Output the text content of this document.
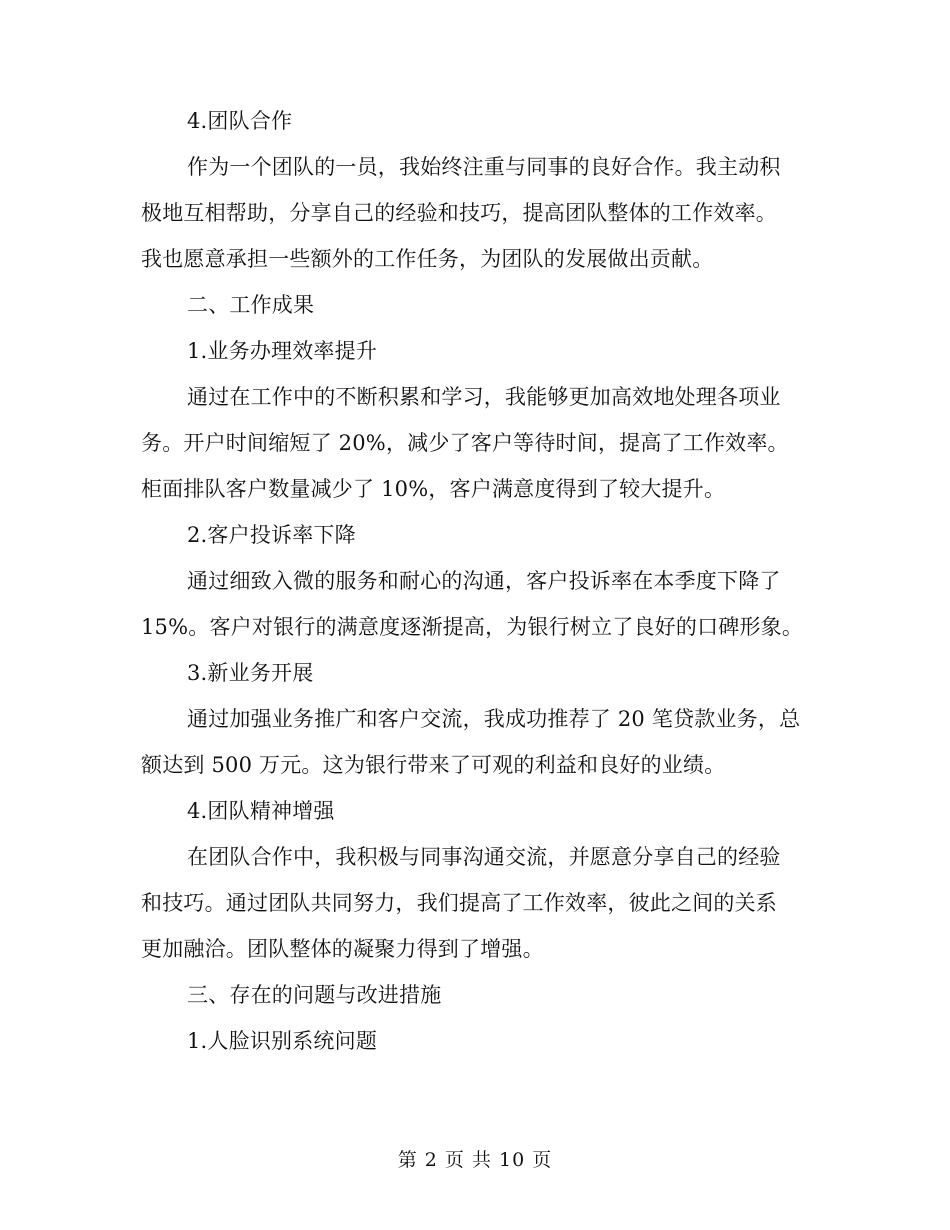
4.团队合作

作为一个团队的一员，我始终注重与同事的良好合作。我主动积

极地互相帮助，分享自己的经验和技巧，提高团队整体的工作效率。

我也愿意承担一些额外的工作任务，为团队的发展做出贡献。

二、工作成果

1.业务办理效率提升

通过在工作中的不断积累和学习，我能够更加高效地处理各项业

务。开户时间缩短了 20%，减少了客户等待时间，提高了工作效率。

柜面排队客户数量减少了 10%，客户满意度得到了较大提升。

2.客户投诉率下降

通过细致入微的服务和耐心的沟通，客户投诉率在本季度下降了

15%。客户对银行的满意度逐渐提高，为银行树立了良好的口碑形象。

3.新业务开展

通过加强业务推广和客户交流，我成功推荐了 20 笔贷款业务，总

额达到 500 万元。这为银行带来了可观的利益和良好的业绩。

4.团队精神增强

在团队合作中，我积极与同事沟通交流，并愿意分享自己的经验

和技巧。通过团队共同努力，我们提高了工作效率，彼此之间的关系

更加融洽。团队整体的凝聚力得到了增强。

三、存在的问题与改进措施

1.人脸识别系统问题

第 2 页 共 10 页
